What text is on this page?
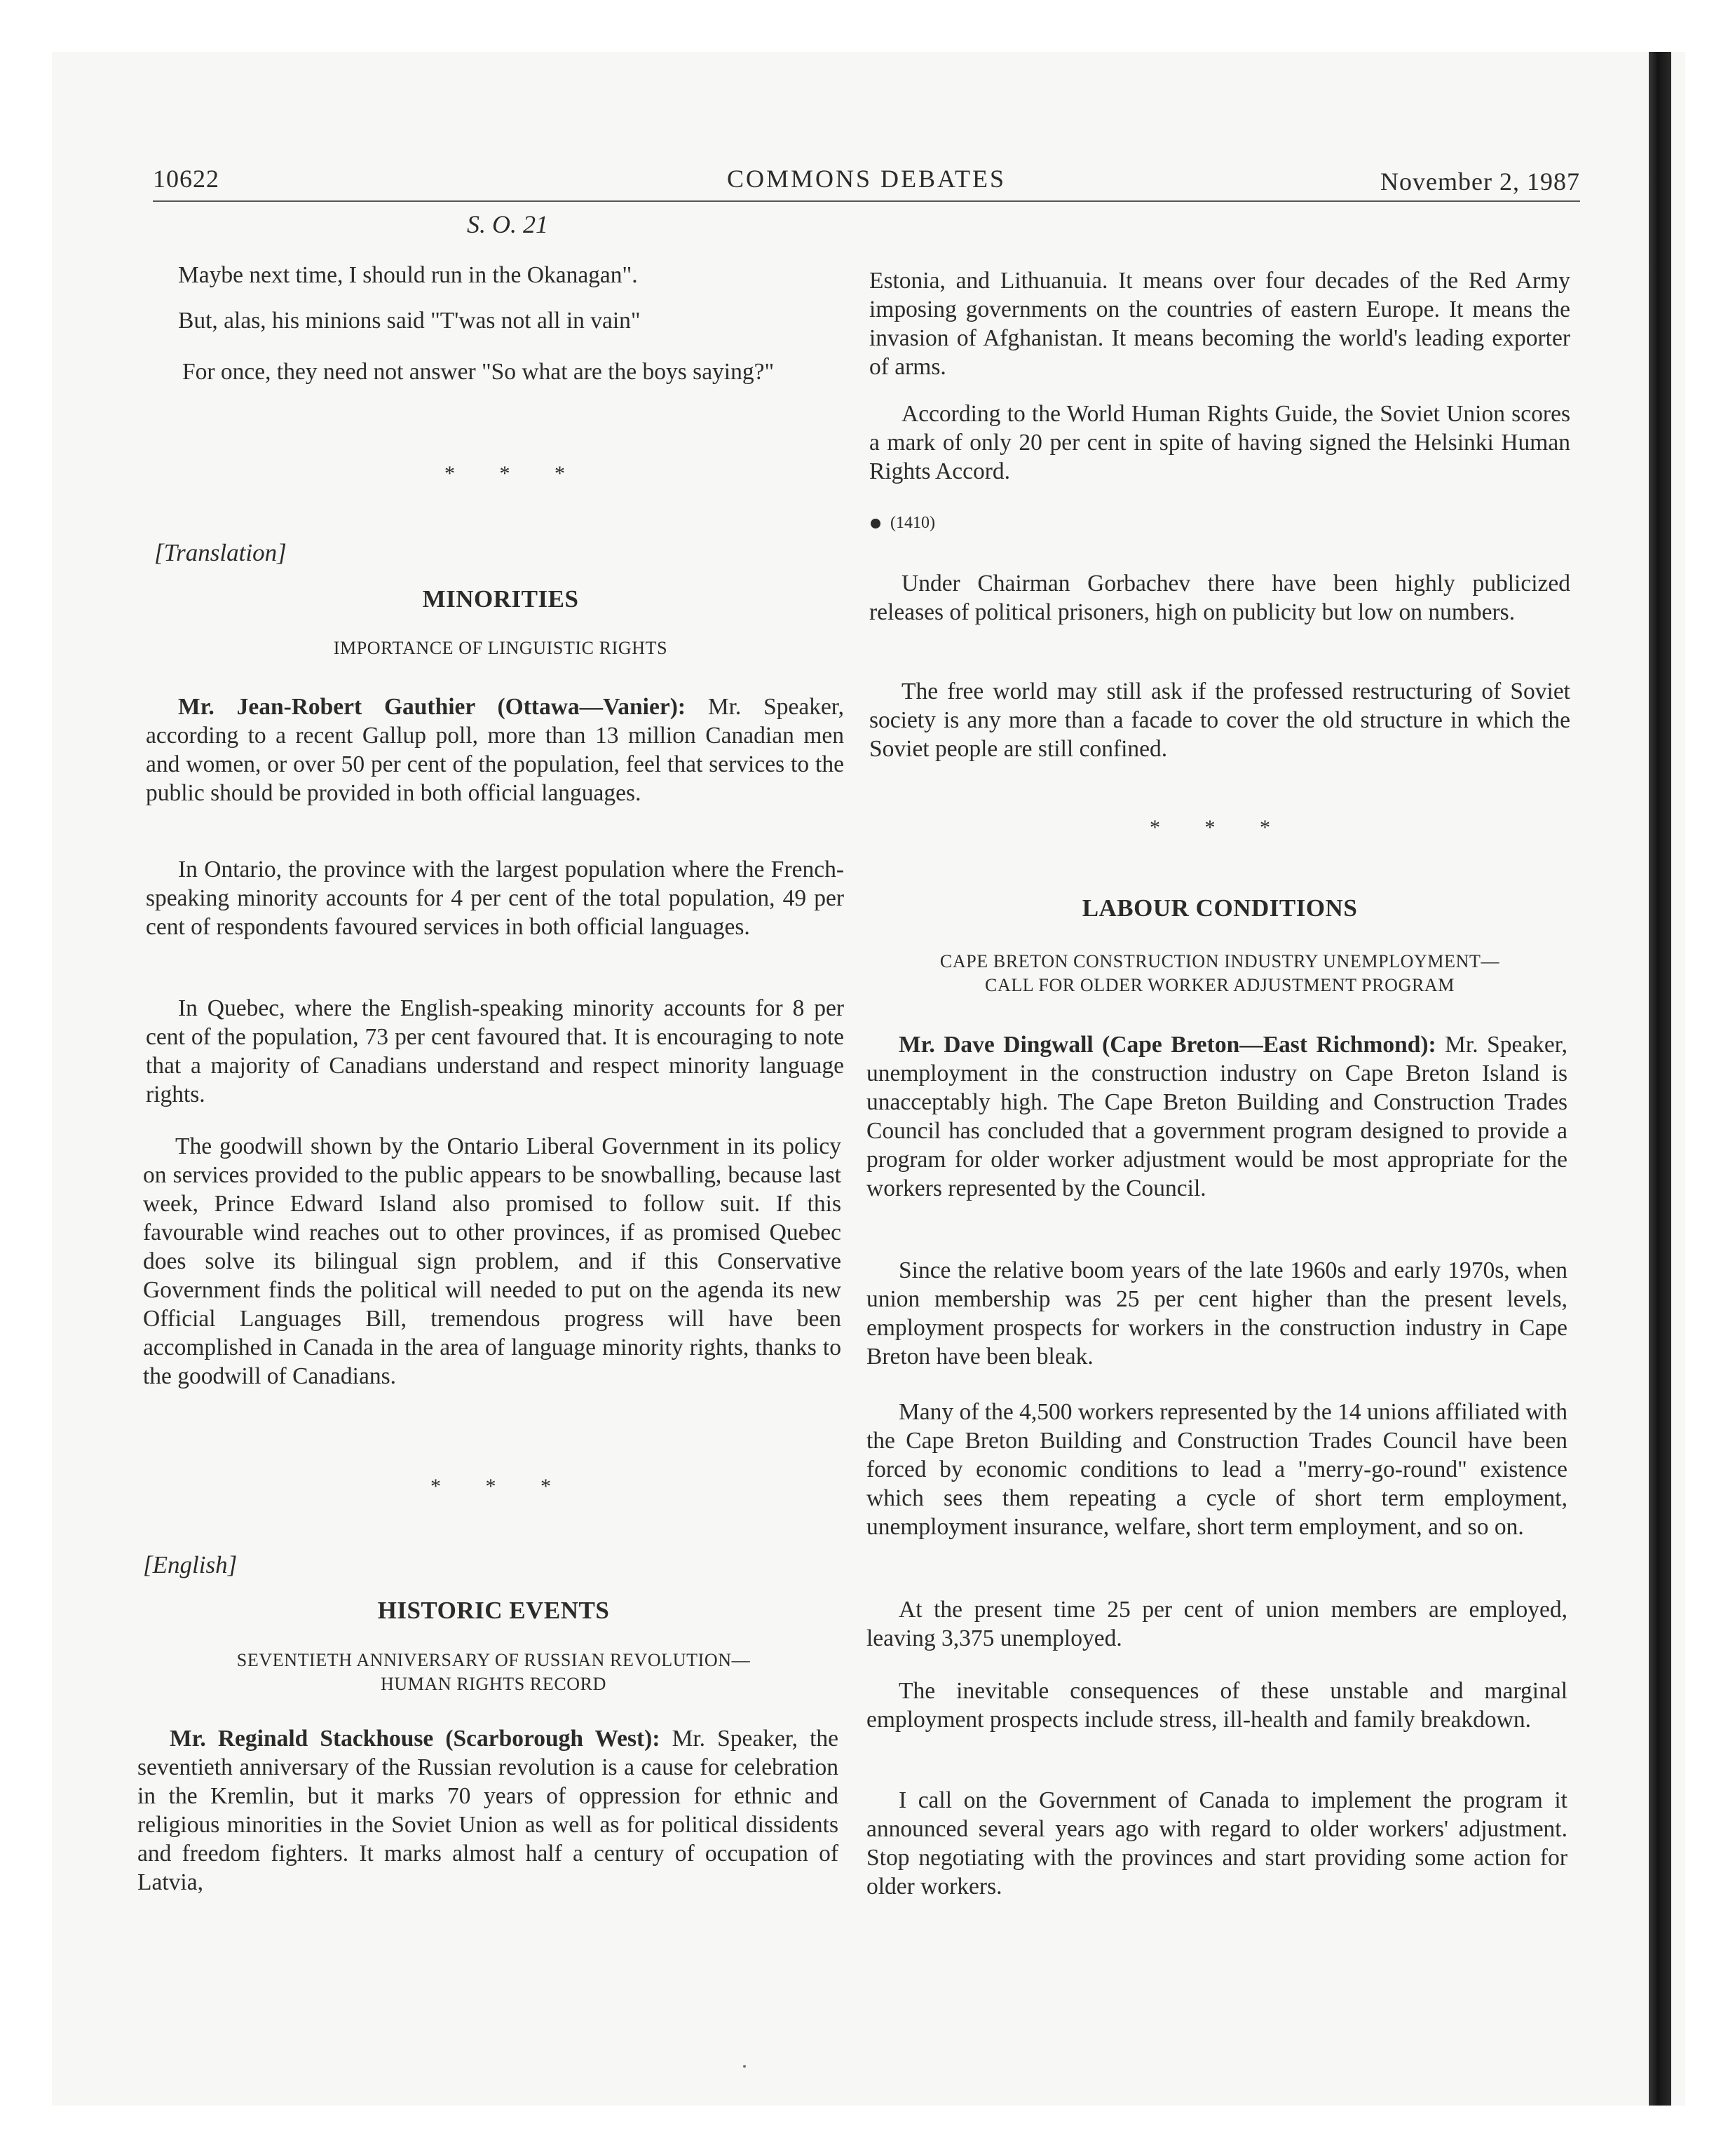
10622	COMMONS DEBATES	November 2, 1987

S. O. 21

Maybe next time, I should run in the Okanagan".

But, alas, his minions said "T'was not all in vain"

For once, they need not answer "So what are the boys saying?"

* * *

[Translation]

MINORITIES

IMPORTANCE OF LINGUISTIC RIGHTS

Mr. Jean-Robert Gauthier (Ottawa—Vanier): Mr. Speaker, according to a recent Gallup poll, more than 13 million Canadian men and women, or over 50 per cent of the population, feel that services to the public should be provided in both official languages.

In Ontario, the province with the largest population where the French-speaking minority accounts for 4 per cent of the total population, 49 per cent of respondents favoured services in both official languages.

In Quebec, where the English-speaking minority accounts for 8 per cent of the population, 73 per cent favoured that. It is encouraging to note that a majority of Canadians understand and respect minority language rights.

The goodwill shown by the Ontario Liberal Government in its policy on services provided to the public appears to be snowballing, because last week, Prince Edward Island also promised to follow suit. If this favourable wind reaches out to other provinces, if as promised Quebec does solve its bilingual sign problem, and if this Conservative Government finds the political will needed to put on the agenda its new Official Languages Bill, tremendous progress will have been accomplished in Canada in the area of language minority rights, thanks to the goodwill of Canadians.

* * *

[English]

HISTORIC EVENTS

SEVENTIETH ANNIVERSARY OF RUSSIAN REVOLUTION—

HUMAN RIGHTS RECORD

Mr. Reginald Stackhouse (Scarborough West): Mr. Speaker, the seventieth anniversary of the Russian revolution is a cause for celebration in the Kremlin, but it marks 70 years of oppression for ethnic and religious minorities in the Soviet Union as well as for political dissidents and freedom fighters. It marks almost half a century of occupation of Latvia,

Estonia, and Lithuanuia. It means over four decades of the Red Army imposing governments on the countries of eastern Europe. It means the invasion of Afghanistan. It means becoming the world's leading exporter of arms.

According to the World Human Rights Guide, the Soviet Union scores a mark of only 20 per cent in spite of having signed the Helsinki Human Rights Accord.

(1410)

Under Chairman Gorbachev there have been highly publicized releases of political prisoners, high on publicity but low on numbers.

The free world may still ask if the professed restructuring of Soviet society is any more than a facade to cover the old structure in which the Soviet people are still confined.

* * *

LABOUR CONDITIONS

CAPE BRETON CONSTRUCTION INDUSTRY UNEMPLOYMENT—

CALL FOR OLDER WORKER ADJUSTMENT PROGRAM

Mr. Dave Dingwall (Cape Breton—East Richmond): Mr. Speaker, unemployment in the construction industry on Cape Breton Island is unacceptably high. The Cape Breton Building and Construction Trades Council has concluded that a government program designed to provide a program for older worker adjustment would be most appropriate for the workers represented by the Council.

Since the relative boom years of the late 1960s and early 1970s, when union membership was 25 per cent higher than the present levels, employment prospects for workers in the construction industry in Cape Breton have been bleak.

Many of the 4,500 workers represented by the 14 unions affiliated with the Cape Breton Building and Construction Trades Council have been forced by economic conditions to lead a "merry-go-round" existence which sees them repeating a cycle of short term employment, unemployment insurance, welfare, short term employment, and so on.

At the present time 25 per cent of union members are employed, leaving 3,375 unemployed.

The inevitable consequences of these unstable and marginal employment prospects include stress, ill-health and family breakdown.

I call on the Government of Canada to implement the program it announced several years ago with regard to older workers' adjustment. Stop negotiating with the provinces and start providing some action for older workers.
